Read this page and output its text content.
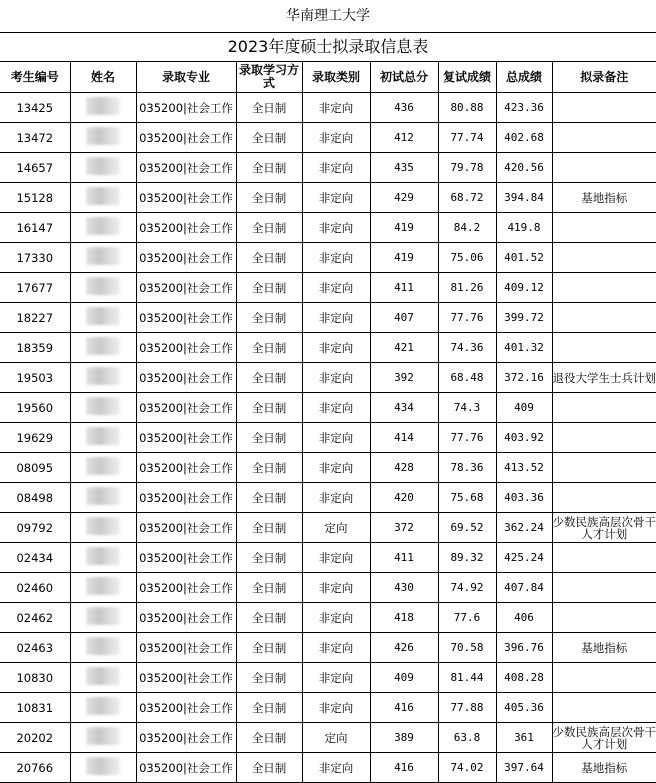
华南理工大学
2023年度硕士拟录取信息表
考生编号	姓名	录取专业	录取学习方式	录取类别	初试总分	复试成绩	总成绩	拟录备注
13425		035200|社会工作	全日制	非定向	436	80.88	423.36	
13472		035200|社会工作	全日制	非定向	412	77.74	402.68	
14657		035200|社会工作	全日制	非定向	435	79.78	420.56	
15128		035200|社会工作	全日制	非定向	429	68.72	394.84	基地指标
16147		035200|社会工作	全日制	非定向	419	84.2	419.8	
17330		035200|社会工作	全日制	非定向	419	75.06	401.52	
17677		035200|社会工作	全日制	非定向	411	81.26	409.12	
18227		035200|社会工作	全日制	非定向	407	77.76	399.72	
18359		035200|社会工作	全日制	非定向	421	74.36	401.32	
19503		035200|社会工作	全日制	非定向	392	68.48	372.16	退役大学生士兵计划
19560		035200|社会工作	全日制	非定向	434	74.3	409	
19629		035200|社会工作	全日制	非定向	414	77.76	403.92	
08095		035200|社会工作	全日制	非定向	428	78.36	413.52	
08498		035200|社会工作	全日制	非定向	420	75.68	403.36	
09792		035200|社会工作	全日制	定向	372	69.52	362.24	少数民族高层次骨干人才计划
02434		035200|社会工作	全日制	非定向	411	89.32	425.24	
02460		035200|社会工作	全日制	非定向	430	74.92	407.84	
02462		035200|社会工作	全日制	非定向	418	77.6	406	
02463		035200|社会工作	全日制	非定向	426	70.58	396.76	基地指标
10830		035200|社会工作	全日制	非定向	409	81.44	408.28	
10831		035200|社会工作	全日制	非定向	416	77.88	405.36	
20202		035200|社会工作	全日制	定向	389	63.8	361	少数民族高层次骨干人才计划
20766		035200|社会工作	全日制	非定向	416	74.02	397.64	基地指标
